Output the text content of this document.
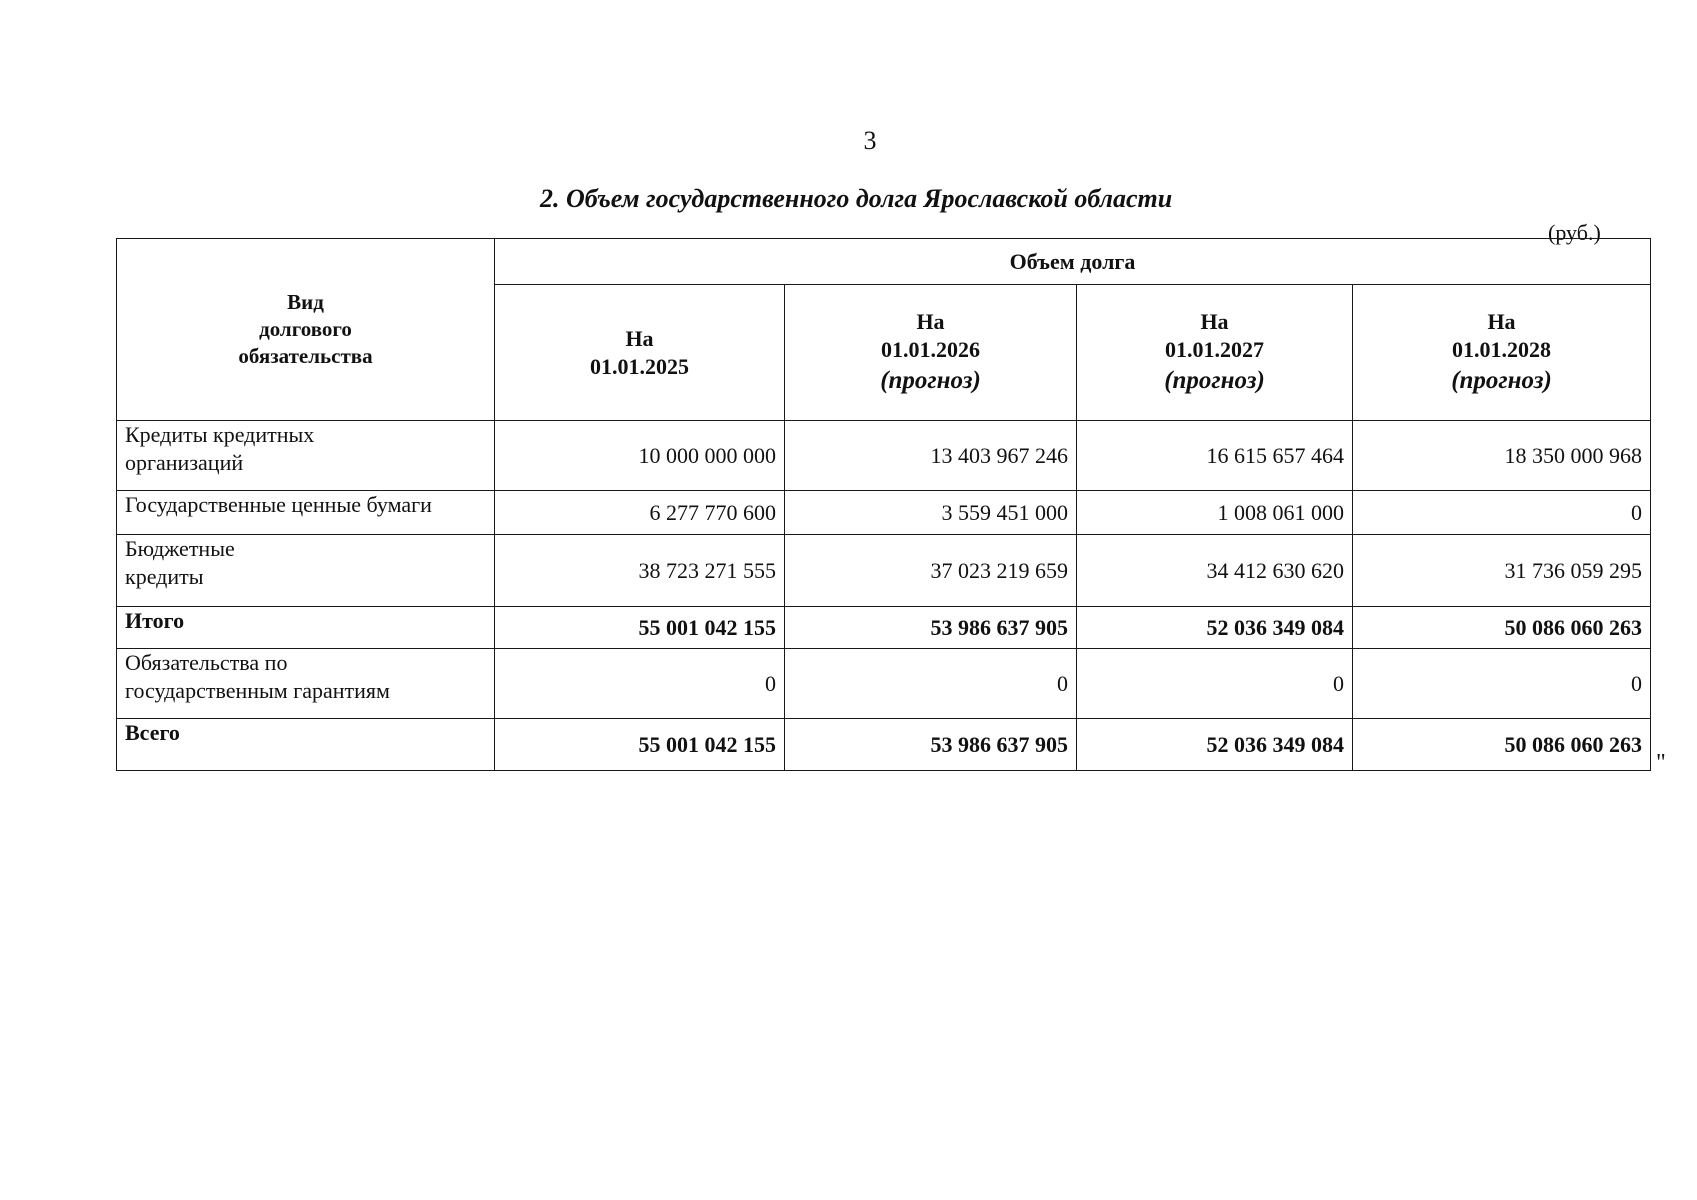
3
2. Объем государственного долга Ярославской области
(руб.)
Вид
долгового
обязательства	Объем долга			

	На
01.01.2025	На
01.01.2026
(прогноз)	На
01.01.2027
(прогноз)	На
01.01.2028
(прогноз)

Кредиты кредитных
организаций	10 000 000 000	13 403 967 246	16 615 657 464	18 350 000 968
Государственные ценные бумаги	6 277 770 600	3 559 451 000	1 008 061 000	0
Бюджетные
кредиты	38 723 271 555	37 023 219 659	34 412 630 620	31 736 059 295
Итого	55 001 042 155	53 986 637 905	52 036 349 084	50 086 060 263
Обязательства по
государственным гарантиям	0	0	0	0
Всего	55 001 042 155	53 986 637 905	52 036 349 084	50 086 060 263
"
